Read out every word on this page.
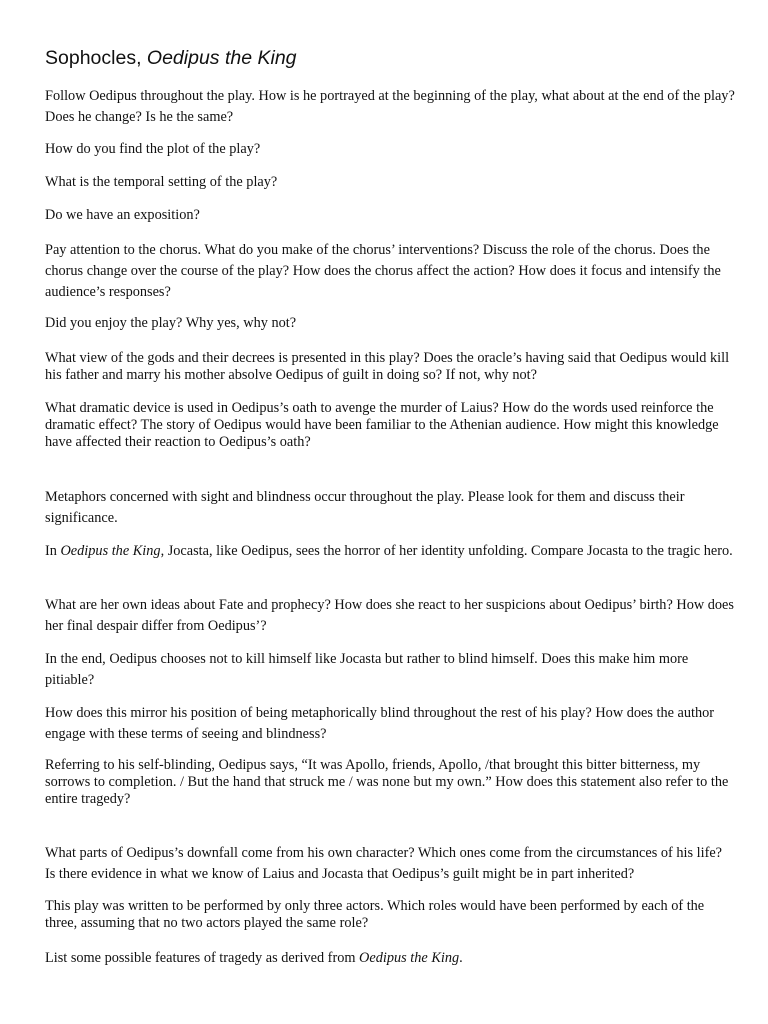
Sophocles, Oedipus the King

Follow Oedipus throughout the play. How is he portrayed at the beginning of the play, what about at the end of the play? Does he change? Is he the same?

How do you find the plot of the play?

What is the temporal setting of the play?

Do we have an exposition?

Pay attention to the chorus. What do you make of the chorus’ interventions? Discuss the role of the chorus. Does the chorus change over the course of the play? How does the chorus affect the action? How does it focus and intensify the audience’s responses?

Did you enjoy the play? Why yes, why not?

What view of the gods and their decrees is presented in this play? Does the oracle’s having said that Oedipus would kill his father and marry his mother absolve Oedipus of guilt in doing so? If not, why not?

What dramatic device is used in Oedipus’s oath to avenge the murder of Laius? How do the words used reinforce the dramatic effect? The story of Oedipus would have been familiar to the Athenian audience. How might this knowledge have affected their reaction to Oedipus’s oath?

Metaphors concerned with sight and blindness occur throughout the play. Please look for them and discuss their significance.

In Oedipus the King, Jocasta, like Oedipus, sees the horror of her identity unfolding. Compare Jocasta to the tragic hero.

What are her own ideas about Fate and prophecy? How does she react to her suspicions about Oedipus’ birth? How does her final despair differ from Oedipus’?

In the end, Oedipus chooses not to kill himself like Jocasta but rather to blind himself. Does this make him more pitiable?

How does this mirror his position of being metaphorically blind throughout the rest of his play? How does the author engage with these terms of seeing and blindness?

Referring to his self-blinding, Oedipus says, “It was Apollo, friends, Apollo, /that brought this bitter bitterness, my sorrows to completion. / But the hand that struck me / was none but my own.” How does this statement also refer to the entire tragedy?

What parts of Oedipus’s downfall come from his own character? Which ones come from the circumstances of his life? Is there evidence in what we know of Laius and Jocasta that Oedipus’s guilt might be in part inherited?

This play was written to be performed by only three actors. Which roles would have been performed by each of the three, assuming that no two actors played the same role?

List some possible features of tragedy as derived from Oedipus the King.
